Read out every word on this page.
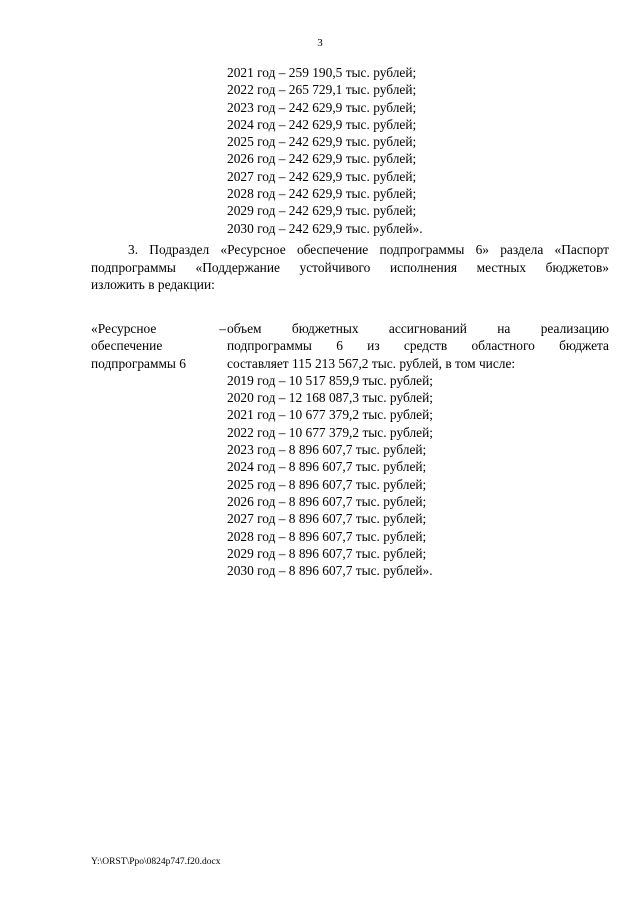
3
2021 год – 259 190,5 тыс. рублей;
2022 год – 265 729,1 тыс. рублей;
2023 год – 242 629,9 тыс. рублей;
2024 год – 242 629,9 тыс. рублей;
2025 год – 242 629,9 тыс. рублей;
2026 год – 242 629,9 тыс. рублей;
2027 год – 242 629,9 тыс. рублей;
2028 год – 242 629,9 тыс. рублей;
2029 год – 242 629,9 тыс. рублей;
2030 год – 242 629,9 тыс. рублей».
3. Подраздел «Ресурсное обеспечение подпрограммы 6» раздела «Паспорт
подпрограммы «Поддержание устойчивого исполнения местных бюджетов»
изложить в редакции:
«Ресурсное	–
обеспечение
подпрограммы 6
объем бюджетных ассигнований на реализацию
подпрограммы 6 из средств областного бюджета
составляет 115 213 567,2 тыс. рублей, в том числе:
2019 год – 10 517 859,9 тыс. рублей;
2020 год – 12 168 087,3 тыс. рублей;
2021 год – 10 677 379,2 тыс. рублей;
2022 год – 10 677 379,2 тыс. рублей;
2023 год – 8 896 607,7 тыс. рублей;
2024 год – 8 896 607,7 тыс. рублей;
2025 год – 8 896 607,7 тыс. рублей;
2026 год – 8 896 607,7 тыс. рублей;
2027 год – 8 896 607,7 тыс. рублей;
2028 год – 8 896 607,7 тыс. рублей;
2029 год – 8 896 607,7 тыс. рублей;
2030 год – 8 896 607,7 тыс. рублей».
Y:\ORST\Ppo\0824p747.f20.docx
